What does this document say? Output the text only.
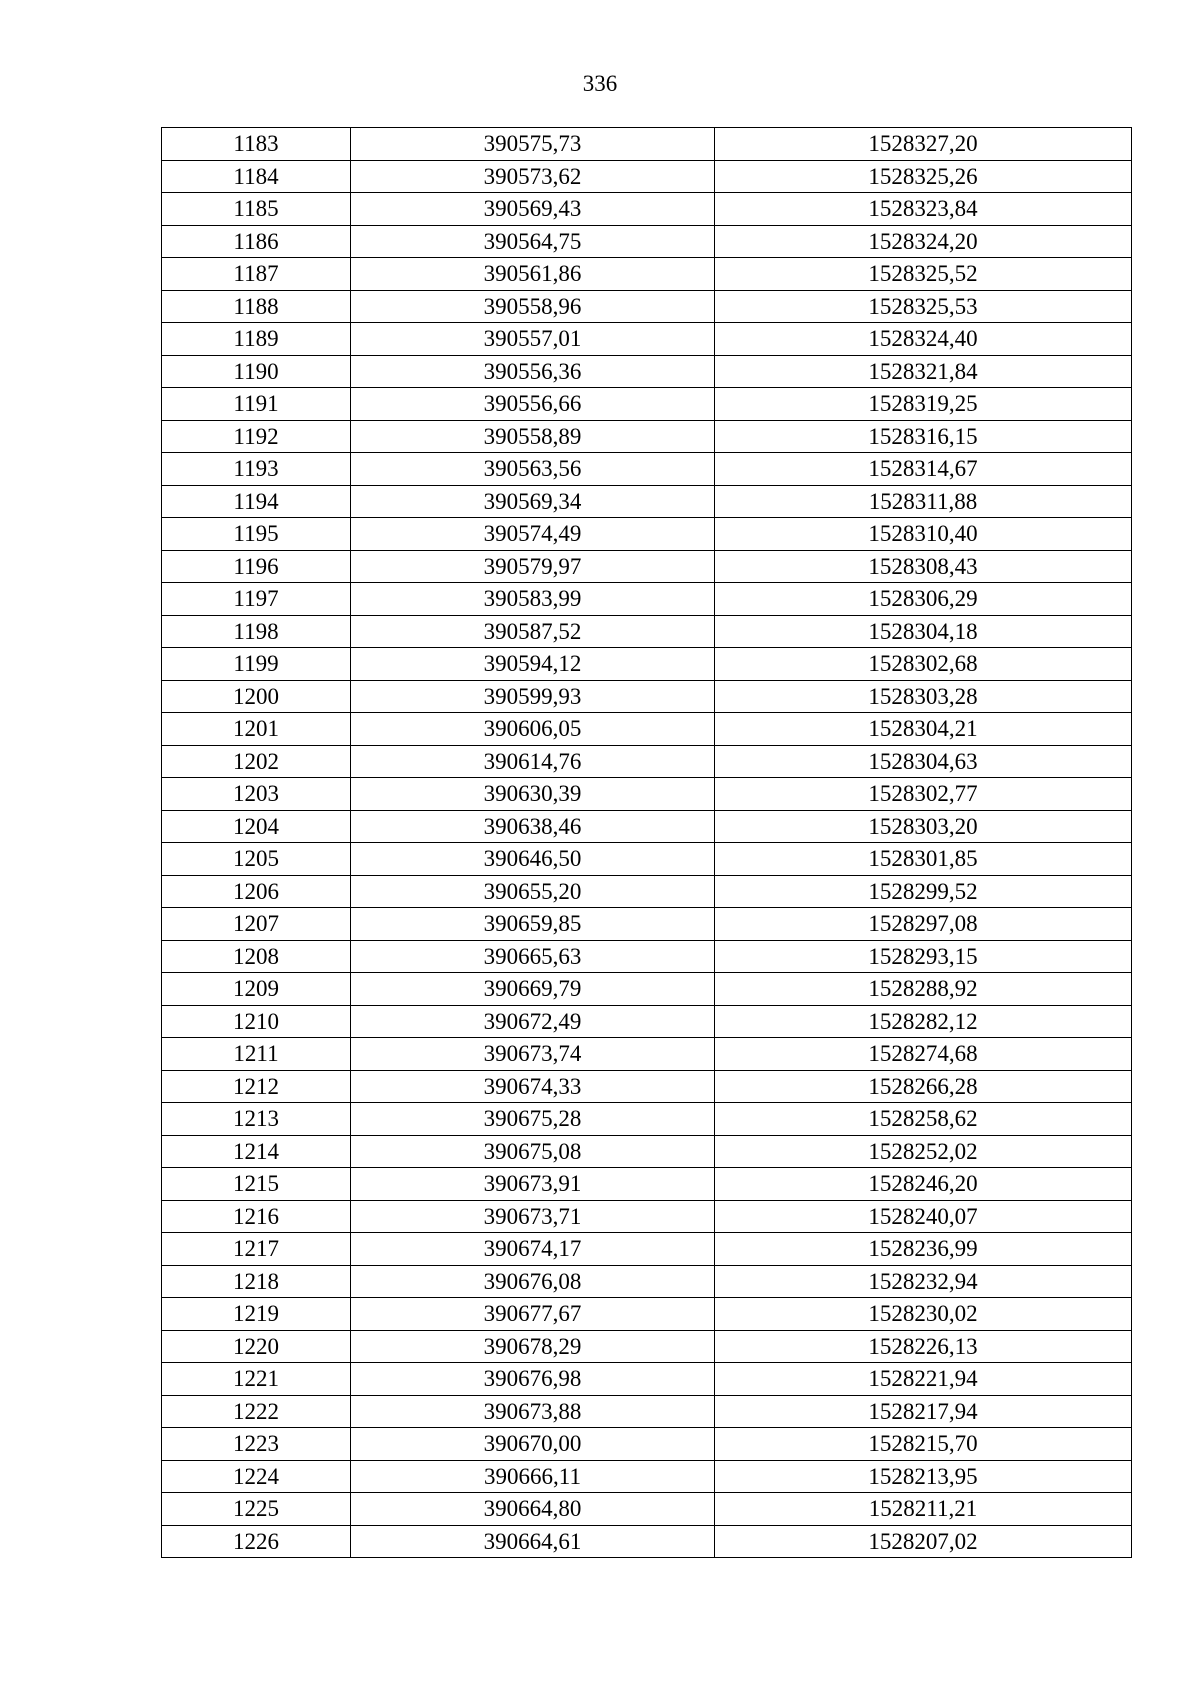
336
1183	390575,73	1528327,20
1184	390573,62	1528325,26
1185	390569,43	1528323,84
1186	390564,75	1528324,20
1187	390561,86	1528325,52
1188	390558,96	1528325,53
1189	390557,01	1528324,40
1190	390556,36	1528321,84
1191	390556,66	1528319,25
1192	390558,89	1528316,15
1193	390563,56	1528314,67
1194	390569,34	1528311,88
1195	390574,49	1528310,40
1196	390579,97	1528308,43
1197	390583,99	1528306,29
1198	390587,52	1528304,18
1199	390594,12	1528302,68
1200	390599,93	1528303,28
1201	390606,05	1528304,21
1202	390614,76	1528304,63
1203	390630,39	1528302,77
1204	390638,46	1528303,20
1205	390646,50	1528301,85
1206	390655,20	1528299,52
1207	390659,85	1528297,08
1208	390665,63	1528293,15
1209	390669,79	1528288,92
1210	390672,49	1528282,12
1211	390673,74	1528274,68
1212	390674,33	1528266,28
1213	390675,28	1528258,62
1214	390675,08	1528252,02
1215	390673,91	1528246,20
1216	390673,71	1528240,07
1217	390674,17	1528236,99
1218	390676,08	1528232,94
1219	390677,67	1528230,02
1220	390678,29	1528226,13
1221	390676,98	1528221,94
1222	390673,88	1528217,94
1223	390670,00	1528215,70
1224	390666,11	1528213,95
1225	390664,80	1528211,21
1226	390664,61	1528207,02
